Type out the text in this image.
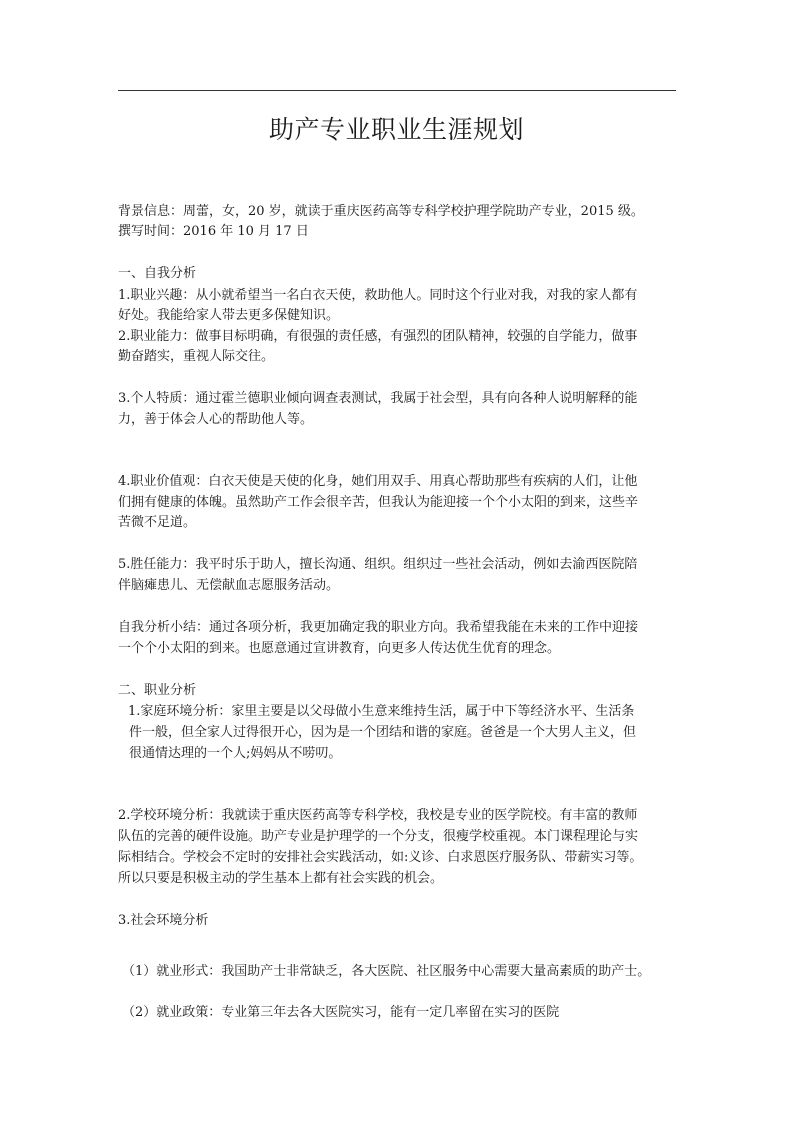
助产专业职业生涯规划
背景信息：周蕾，女，20 岁，就读于重庆医药高等专科学校护理学院助产专业，2015 级。
撰写时间：2016 年 10 月 17 日
一、自我分析
1.职业兴趣：从小就希望当一名白衣天使，救助他人。同时这个行业对我，对我的家人都有
好处。我能给家人带去更多保健知识。
2.职业能力：做事目标明确，有很强的责任感，有强烈的团队精神，较强的自学能力，做事
勤奋踏实，重视人际交往。
3.个人特质：通过霍兰德职业倾向调查表测试，我属于社会型，具有向各种人说明解释的能
力，善于体会人心的帮助他人等。
4.职业价值观：白衣天使是天使的化身，她们用双手、用真心帮助那些有疾病的人们，让他
们拥有健康的体魄。虽然助产工作会很辛苦，但我认为能迎接一个个小太阳的到来，这些辛
苦微不足道。
5.胜任能力：我平时乐于助人，擅长沟通、组织。组织过一些社会活动，例如去渝西医院陪
伴脑瘫患儿、无偿献血志愿服务活动。
自我分析小结：通过各项分析，我更加确定我的职业方向。我希望我能在未来的工作中迎接
一个个小太阳的到来。也愿意通过宣讲教育，向更多人传达优生优育的理念。
二、职业分析
1.家庭环境分析：家里主要是以父母做小生意来维持生活，属于中下等经济水平、生活条
件一般，但全家人过得很开心，因为是一个团结和谐的家庭。爸爸是一个大男人主义，但
很通情达理的一个人;妈妈从不唠叨。
2.学校环境分析：我就读于重庆医药高等专科学校，我校是专业的医学院校。有丰富的教师
队伍的完善的硬件设施。助产专业是护理学的一个分支，很瘦学校重视。本门课程理论与实
际相结合。学校会不定时的安排社会实践活动，如:义诊、白求恩医疗服务队、带薪实习等。
所以只要是积极主动的学生基本上都有社会实践的机会。
3.社会环境分析
（1）就业形式：我国助产士非常缺乏，各大医院、社区服务中心需要大量高素质的助产士。
（2）就业政策：专业第三年去各大医院实习，能有一定几率留在实习的医院
